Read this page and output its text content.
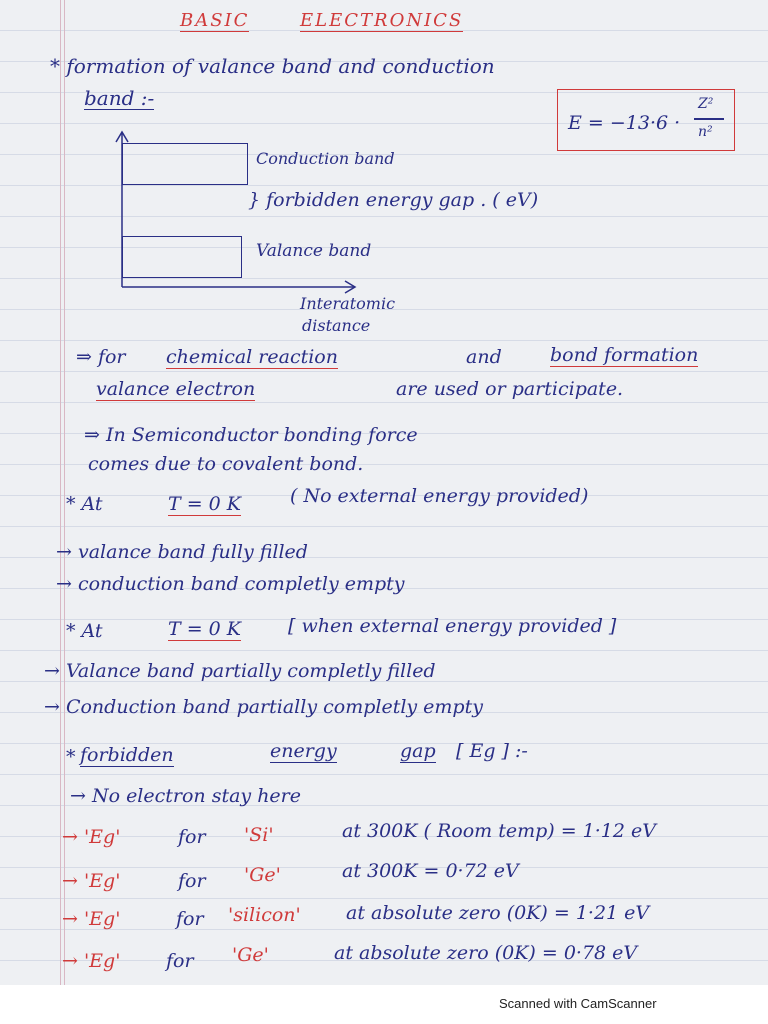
BASIC	ELECTRONICS
* formation of valance band and conduction
band :-
E = −13·6 ·
Z²
n²
Conduction band
} forbidden energy gap . ( eV)
Valance band
Interatomic
distance
⇒ for chemical reaction	and	bond formation
valance electron	are used or participate.
⇒ In Semiconductor bonding force
comes due to covalent bond.
* At	T = 0 K	( No external energy provided)
→ valance band fully filled
→ conduction band completly empty
* At	T = 0 K [ when external energy provided ]
→ Valance band partially completly filled
→ Conduction band partially completly empty
* forbidden	energy	gap [ Eg ] :-
→ No electron stay here
→ 'Eg'	for 'Si'	at 300K ( Room temp) = 1·12 eV
→ 'Eg'	for 'Ge'	at 300K = 0·72 eV
→ 'Eg'	for 'silicon' at absolute zero (0K) = 1·21 eV
→ 'Eg' for 'Ge'	at absolute zero (0K) = 0·78 eV
Scanned with CamScanner
